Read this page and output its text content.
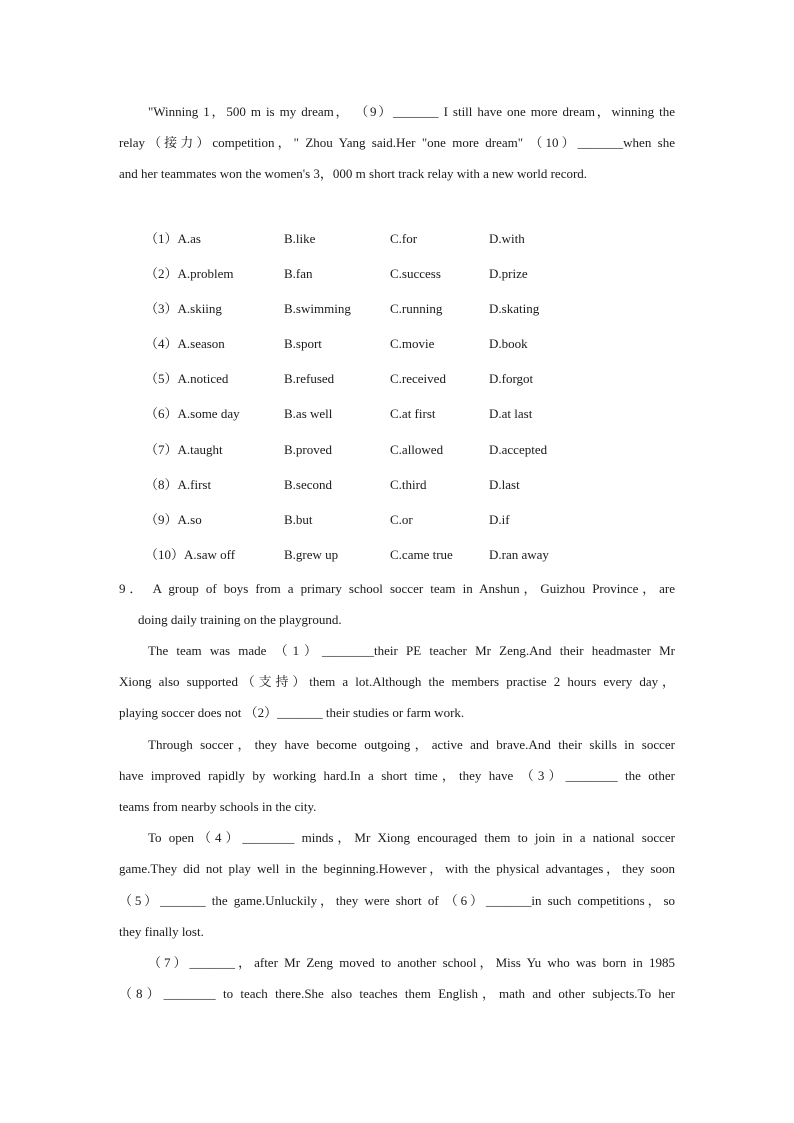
"Winning 1，500 m is my dream， （9）_______ I still have one more dream，winning the
relay（接力）competition，" Zhou Yang said.Her "one more dream" （10）_______when she
and her teammates won the women's 3，000 m short track relay with a new world record.
（1）A.as	B.like	C.for	D.with
（2）A.problem	B.fan	C.success	D.prize
（3）A.skiing	B.swimming	C.running	D.skating
（4）A.season	B.sport	C.movie	D.book
（5）A.noticed	B.refused	C.received	D.forgot
（6）A.some day	B.as well	C.at first	D.at last
（7）A.taught	B.proved	C.allowed	D.accepted
（8）A.first	B.second	C.third	D.last
（9）A.so	B.but	C.or	D.if
（10）A.saw off	B.grew up	C.came true	D.ran away
9． A group of boys from a primary school soccer team in Anshun，Guizhou Province，are
doing daily training on the playground.
The team was made （1）________their PE teacher Mr Zeng.And their headmaster Mr
Xiong also supported（支持）them a lot.Although the members practise 2 hours every day，
playing soccer does not （2）_______ their studies or farm work.
Through soccer，they have become outgoing，active and brave.And their skills in soccer
have improved rapidly by working hard.In a short time，they have （3）________ the other
teams from nearby schools in the city.
To open（4）________ minds，Mr Xiong encouraged them to join in a national soccer
game.They did not play well in the beginning.However，with the physical advantages，they soon
（5）_______ the game.Unluckily，they were short of （6）_______in such competitions，so
they finally lost.
（7）_______，after Mr Zeng moved to another school，Miss Yu who was born in 1985
（8）________ to teach there.She also teaches them English，math and other subjects.To her
